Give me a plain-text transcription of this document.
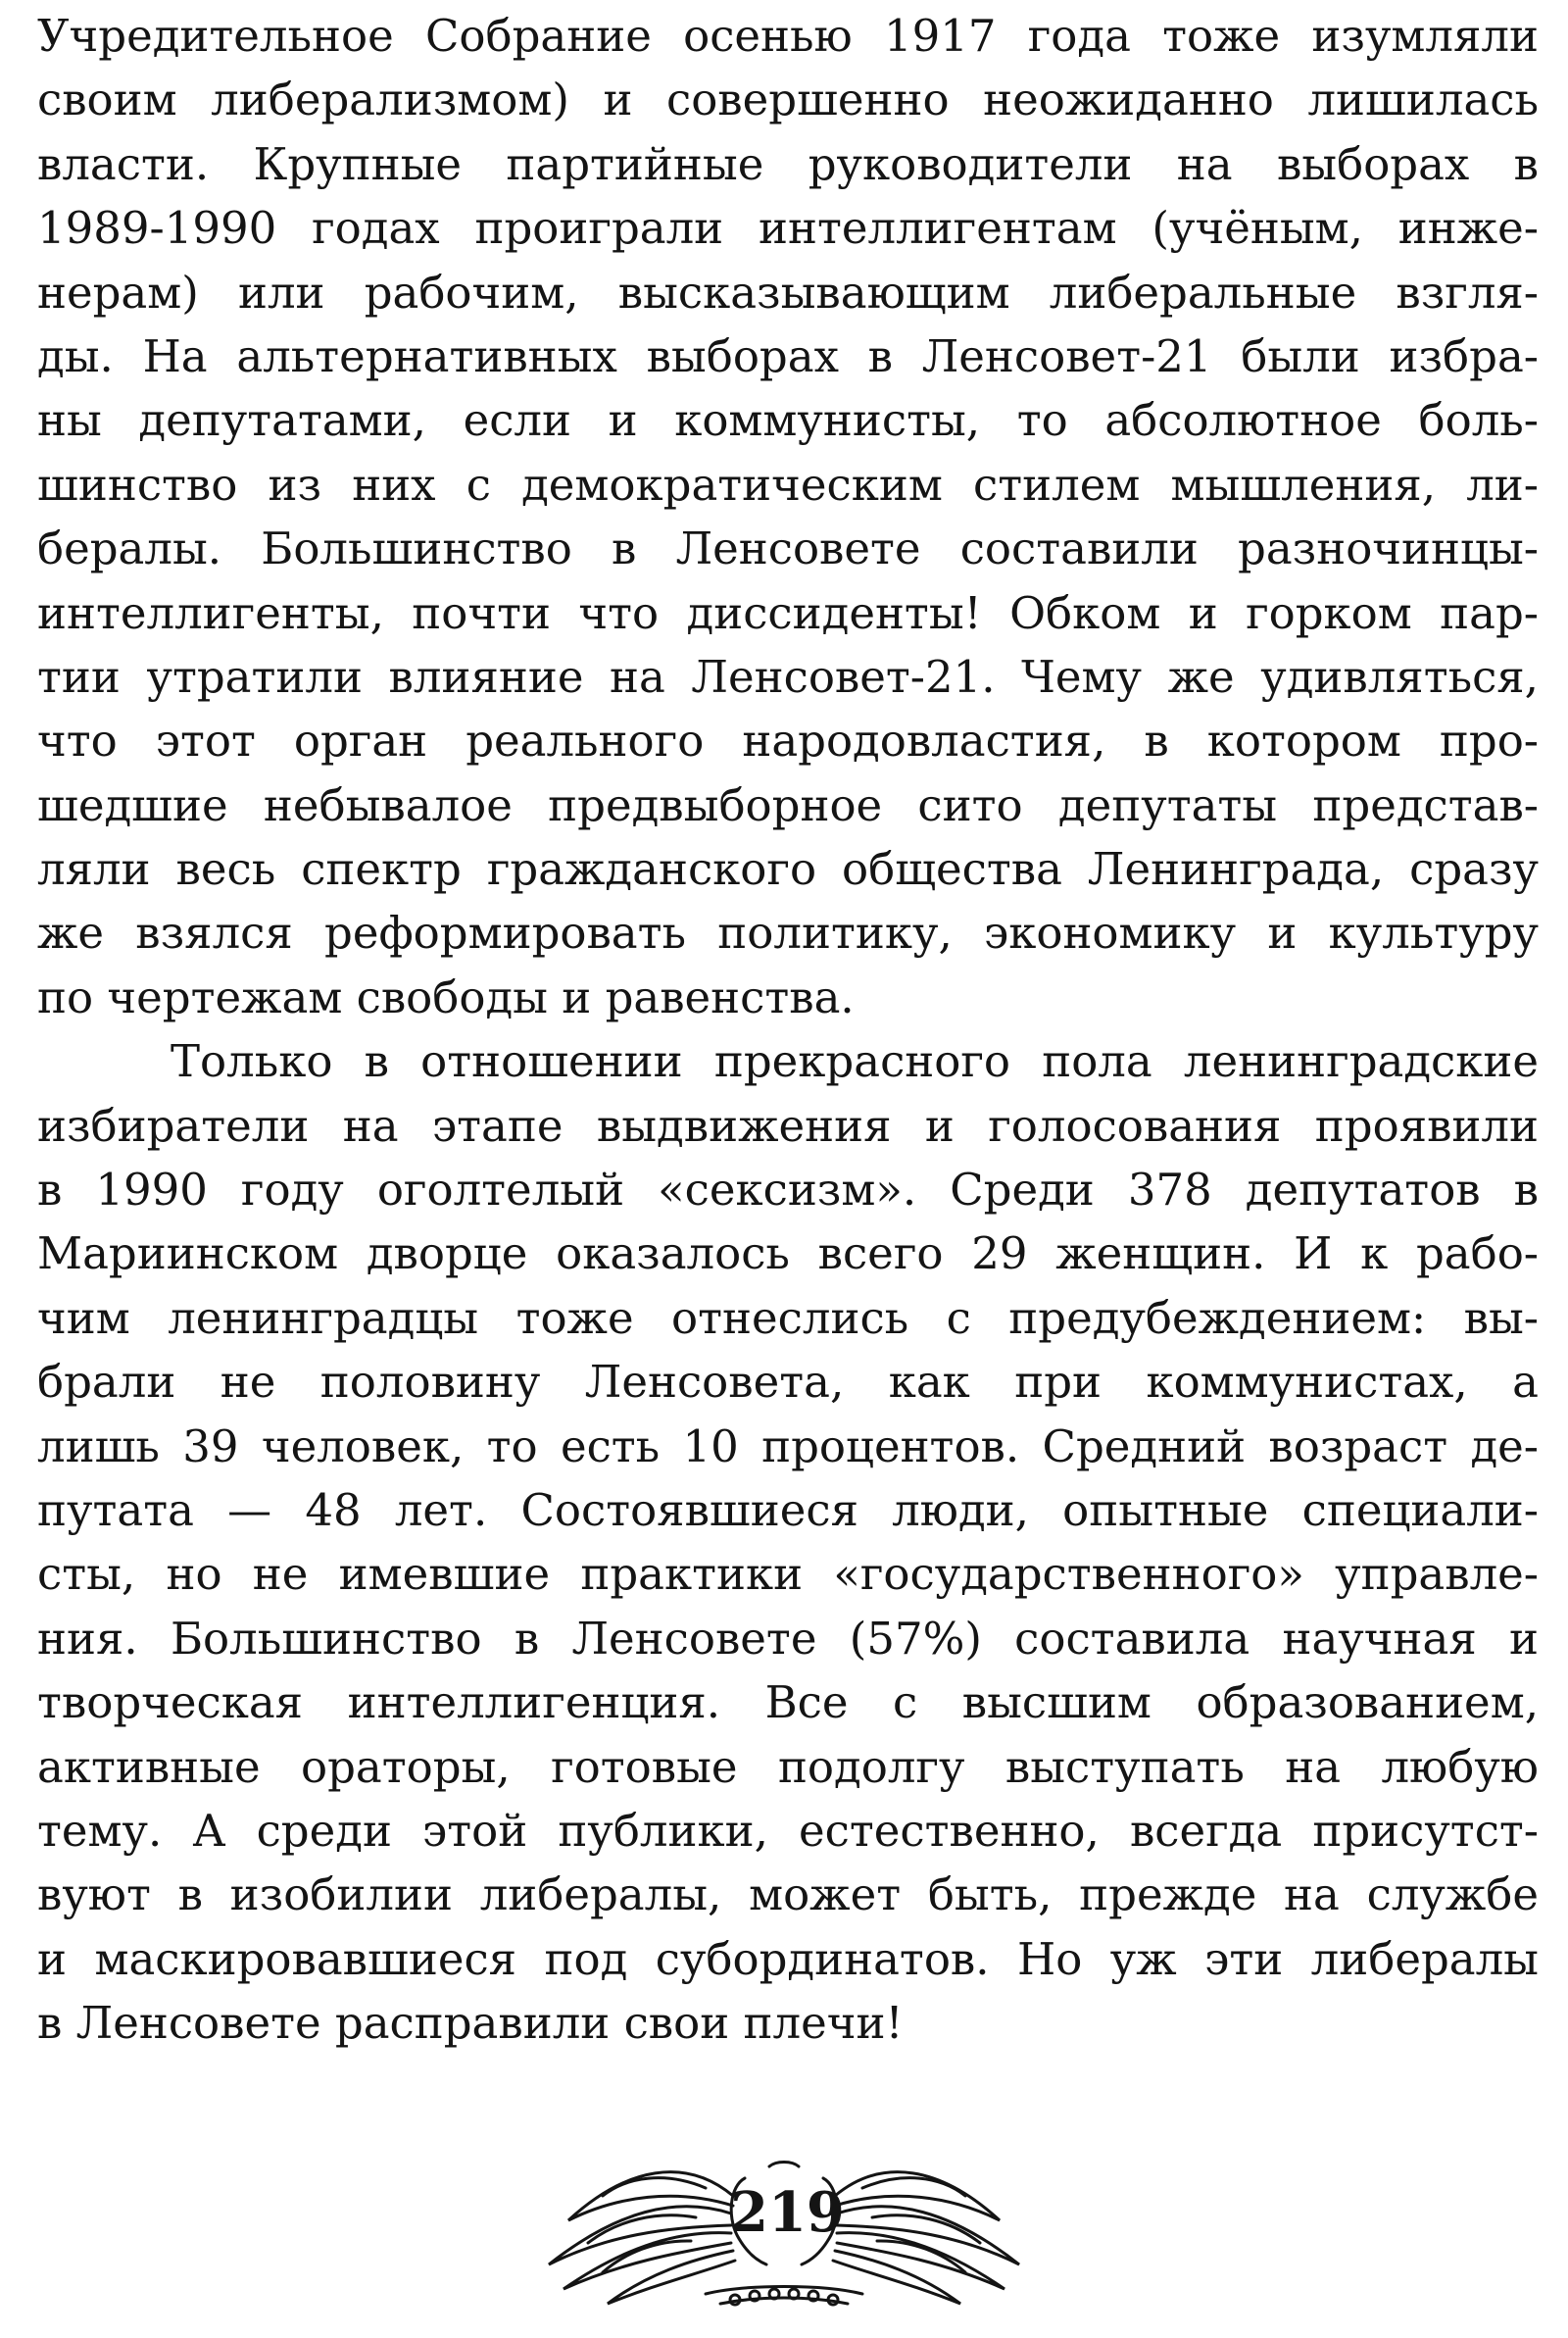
Учредительное Собрание осенью 1917 года тоже изумляли
своим либерализмом) и совершенно неожиданно лишилась
власти. Крупные партийные руководители на выборах в
1989-1990 годах проиграли интеллигентам (учёным, инже-
нерам) или рабочим, высказывающим либеральные взгля-
ды. На альтернативных выборах в Ленсовет-21 были избра-
ны депутатами, если и коммунисты, то абсолютное боль-
шинство из них с демократическим стилем мышления, ли-
бералы. Большинство в Ленсовете составили разночинцы-
интеллигенты, почти что диссиденты! Обком и горком пар-
тии утратили влияние на Ленсовет-21. Чему же удивляться,
что этот орган реального народовластия, в котором про-
шедшие небывалое предвыборное сито депутаты представ-
ляли весь спектр гражданского общества Ленинграда, сразу
же взялся реформировать политику, экономику и культуру
по чертежам свободы и равенства.
Только в отношении прекрасного пола ленинградские
избиратели на этапе выдвижения и голосования проявили
в 1990 году оголтелый «сексизм». Среди 378 депутатов в
Мариинском дворце оказалось всего 29 женщин. И к рабо-
чим ленинградцы тоже отнеслись с предубеждением: вы-
брали не половину Ленсовета, как при коммунистах, а
лишь 39 человек, то есть 10 процентов. Средний возраст де-
путата — 48 лет. Состоявшиеся люди, опытные специали-
сты, но не имевшие практики «государственного» управле-
ния. Большинство в Ленсовете (57%) составила научная и
творческая интеллигенция. Все с высшим образованием,
активные ораторы, готовые подолгу выступать на любую
тему. А среди этой публики, естественно, всегда присутст-
вуют в изобилии либералы, может быть, прежде на службе
и маскировавшиеся под субординатов. Но уж эти либералы
в Ленсовете расправили свои плечи!
219
